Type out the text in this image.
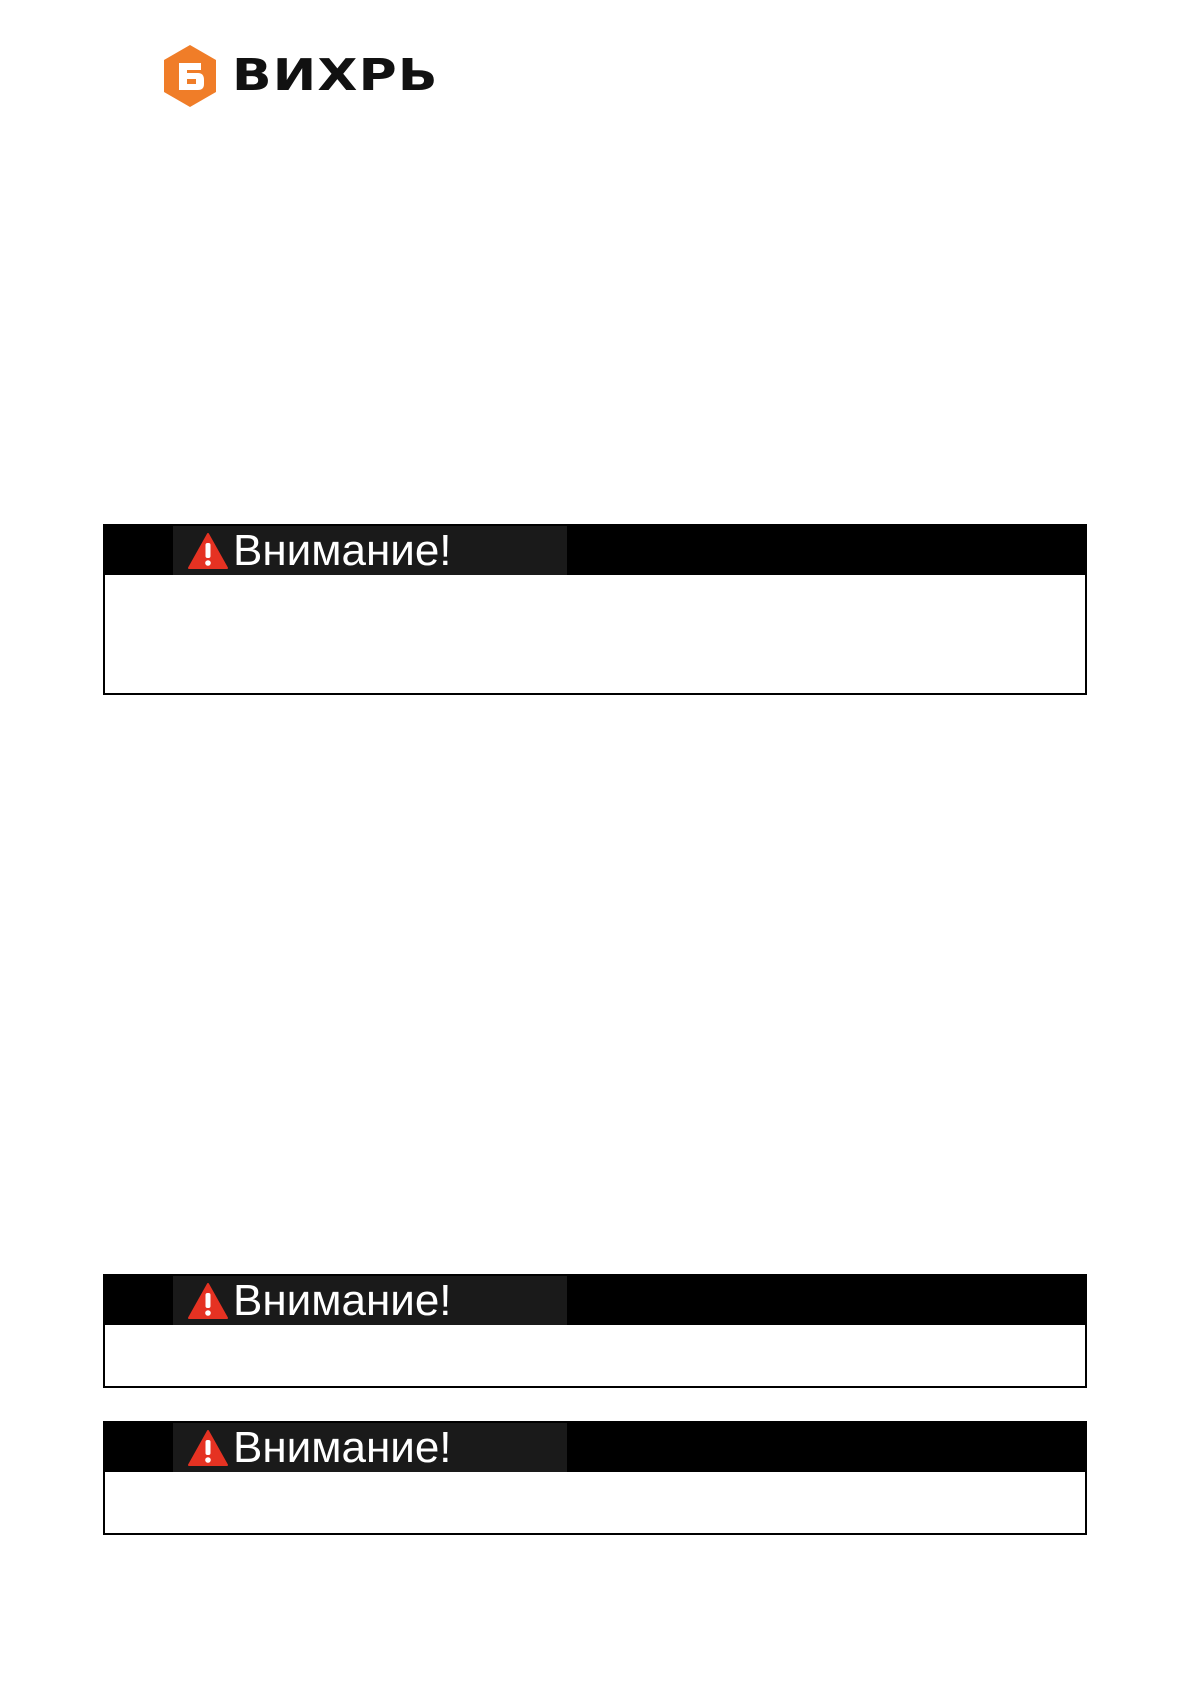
ВИХРЬ
Внимание!
Внимание!
Внимание!
